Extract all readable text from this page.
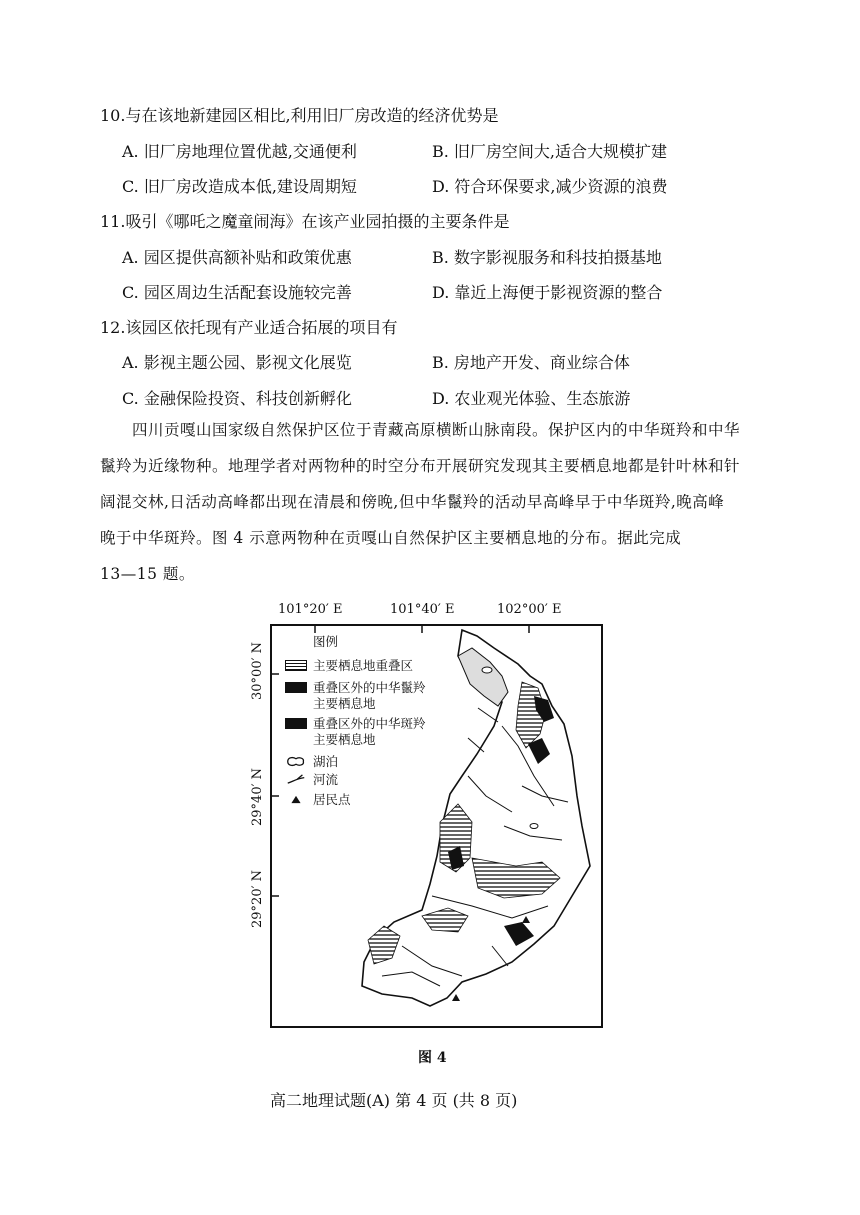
10.与在该地新建园区相比,利用旧厂房改造的经济优势是
A. 旧厂房地理位置优越,交通便利	B. 旧厂房空间大,适合大规模扩建
C. 旧厂房改造成本低,建设周期短	D. 符合环保要求,减少资源的浪费
11.吸引《哪吒之魔童闹海》在该产业园拍摄的主要条件是
A. 园区提供高额补贴和政策优惠	B. 数字影视服务和科技拍摄基地
C. 园区周边生活配套设施较完善	D. 靠近上海便于影视资源的整合
12.该园区依托现有产业适合拓展的项目有
A. 影视主题公园、影视文化展览	B. 房地产开发、商业综合体
C. 金融保险投资、科技创新孵化	D. 农业观光体验、生态旅游

四川贡嘎山国家级自然保护区位于青藏高原横断山脉南段。保护区内的中华斑羚和中华

鬣羚为近缘物种。地理学者对两物种的时空分布开展研究发现其主要栖息地都是针叶林和针

阔混交林,日活动高峰都出现在清晨和傍晚,但中华鬣羚的活动早高峰早于中华斑羚,晚高峰

晚于中华斑羚。图 4 示意两物种在贡嘎山自然保护区主要栖息地的分布。据此完成

13—15 题。

101°20′ E	101°40′ E	102°00′ E
30°00′ N
29°40′ N
29°20′ N
图例
主要栖息地重叠区
重叠区外的中华鬣羚
主要栖息地
重叠区外的中华斑羚
主要栖息地
湖泊
河流
居民点
图 4
高二地理试题(A) 第 4 页 (共 8 页)
